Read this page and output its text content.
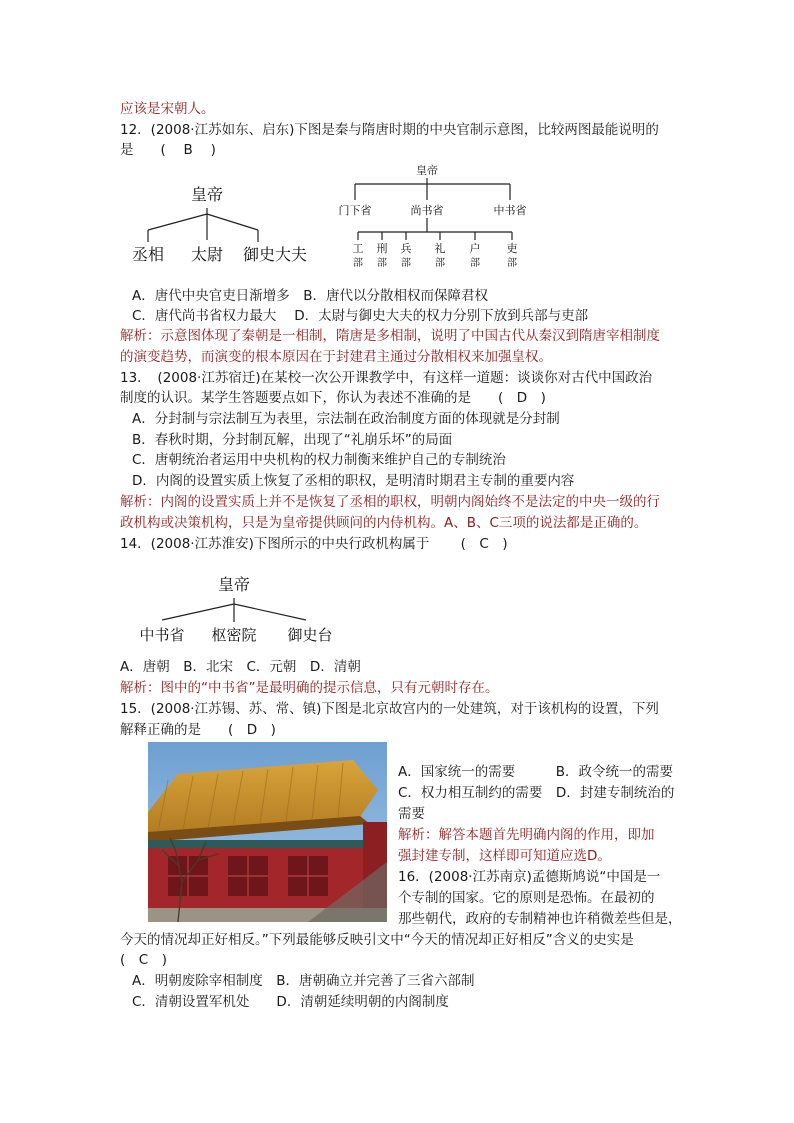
应该是宋朝人。
12．(2008·江苏如东、启东)下图是秦与隋唐时期的中央官制示意图，比较两图最能说明的
是　　( 　B　 )
皇帝
丞相 太尉 御史大夫
皇帝
门下省	尚书省	中书省
工
部
刑
部
兵
部
礼
部
户
部
吏
部
A．唐代中央官吏日渐增多　B．唐代以分散相权而保障君权
C．唐代尚书省权力最大　 D．太尉与御史大夫的权力分别下放到兵部与吏部
解析：示意图体现了秦朝是一相制，隋唐是多相制，说明了中国古代从秦汉到隋唐宰相制度
的演变趋势，而演变的根本原因在于封建君主通过分散相权来加强皇权。
13．　(2008·江苏宿迁)在某校一次公开课教学中，有这样一道题：谈谈你对古代中国政治
制度的认识。某学生答题要点如下，你认为表述不准确的是　　(　D　)
A．分封制与宗法制互为表里，宗法制在政治制度方面的体现就是分封制
B．春秋时期，分封制瓦解，出现了“礼崩乐坏”的局面
C．唐朝统治者运用中央机构的权力制衡来维护自己的专制统治
D．内阁的设置实质上恢复了丞相的职权，是明清时期君主专制的重要内容
解析：内阁的设置实质上并不是恢复了丞相的职权，明朝内阁始终不是法定的中央一级的行
政机构或决策机构，只是为皇帝提供顾问的内侍机构。A、B、C三项的说法都是正确的。
14．(2008·江苏淮安)下图所示的中央行政机构属于　　 (　C　)
皇帝
中书省 枢密院 御史台
A．唐朝　B．北宋　C．元朝　D．清朝
解析：图中的“中书省”是最明确的提示信息，只有元朝时存在。
15．(2008·江苏锡、苏、常、镇)下图是北京故宫内的一处建筑，对于该机构的设置，下列
解释正确的是　　(　D　)
A．国家统一的需要　　　B．政令统一的需要
C．权力相互制约的需要　D．封建专制统治的
需要
解析：解答本题首先明确内阁的作用，即加
强封建专制，这样即可知道应选D。
16．(2008·江苏南京)孟德斯鸠说“中国是一
个专制的国家。它的原则是恐怖。在最初的
那些朝代，政府的专制精神也许稍微差些但是，
今天的情况却正好相反。”下列最能够反映引文中“今天的情况却正好相反”含义的史实是
(　C　)
A．明朝废除宰相制度　B．唐朝确立并完善了三省六部制
C．清朝设置军机处　　D．清朝延续明朝的内阁制度
